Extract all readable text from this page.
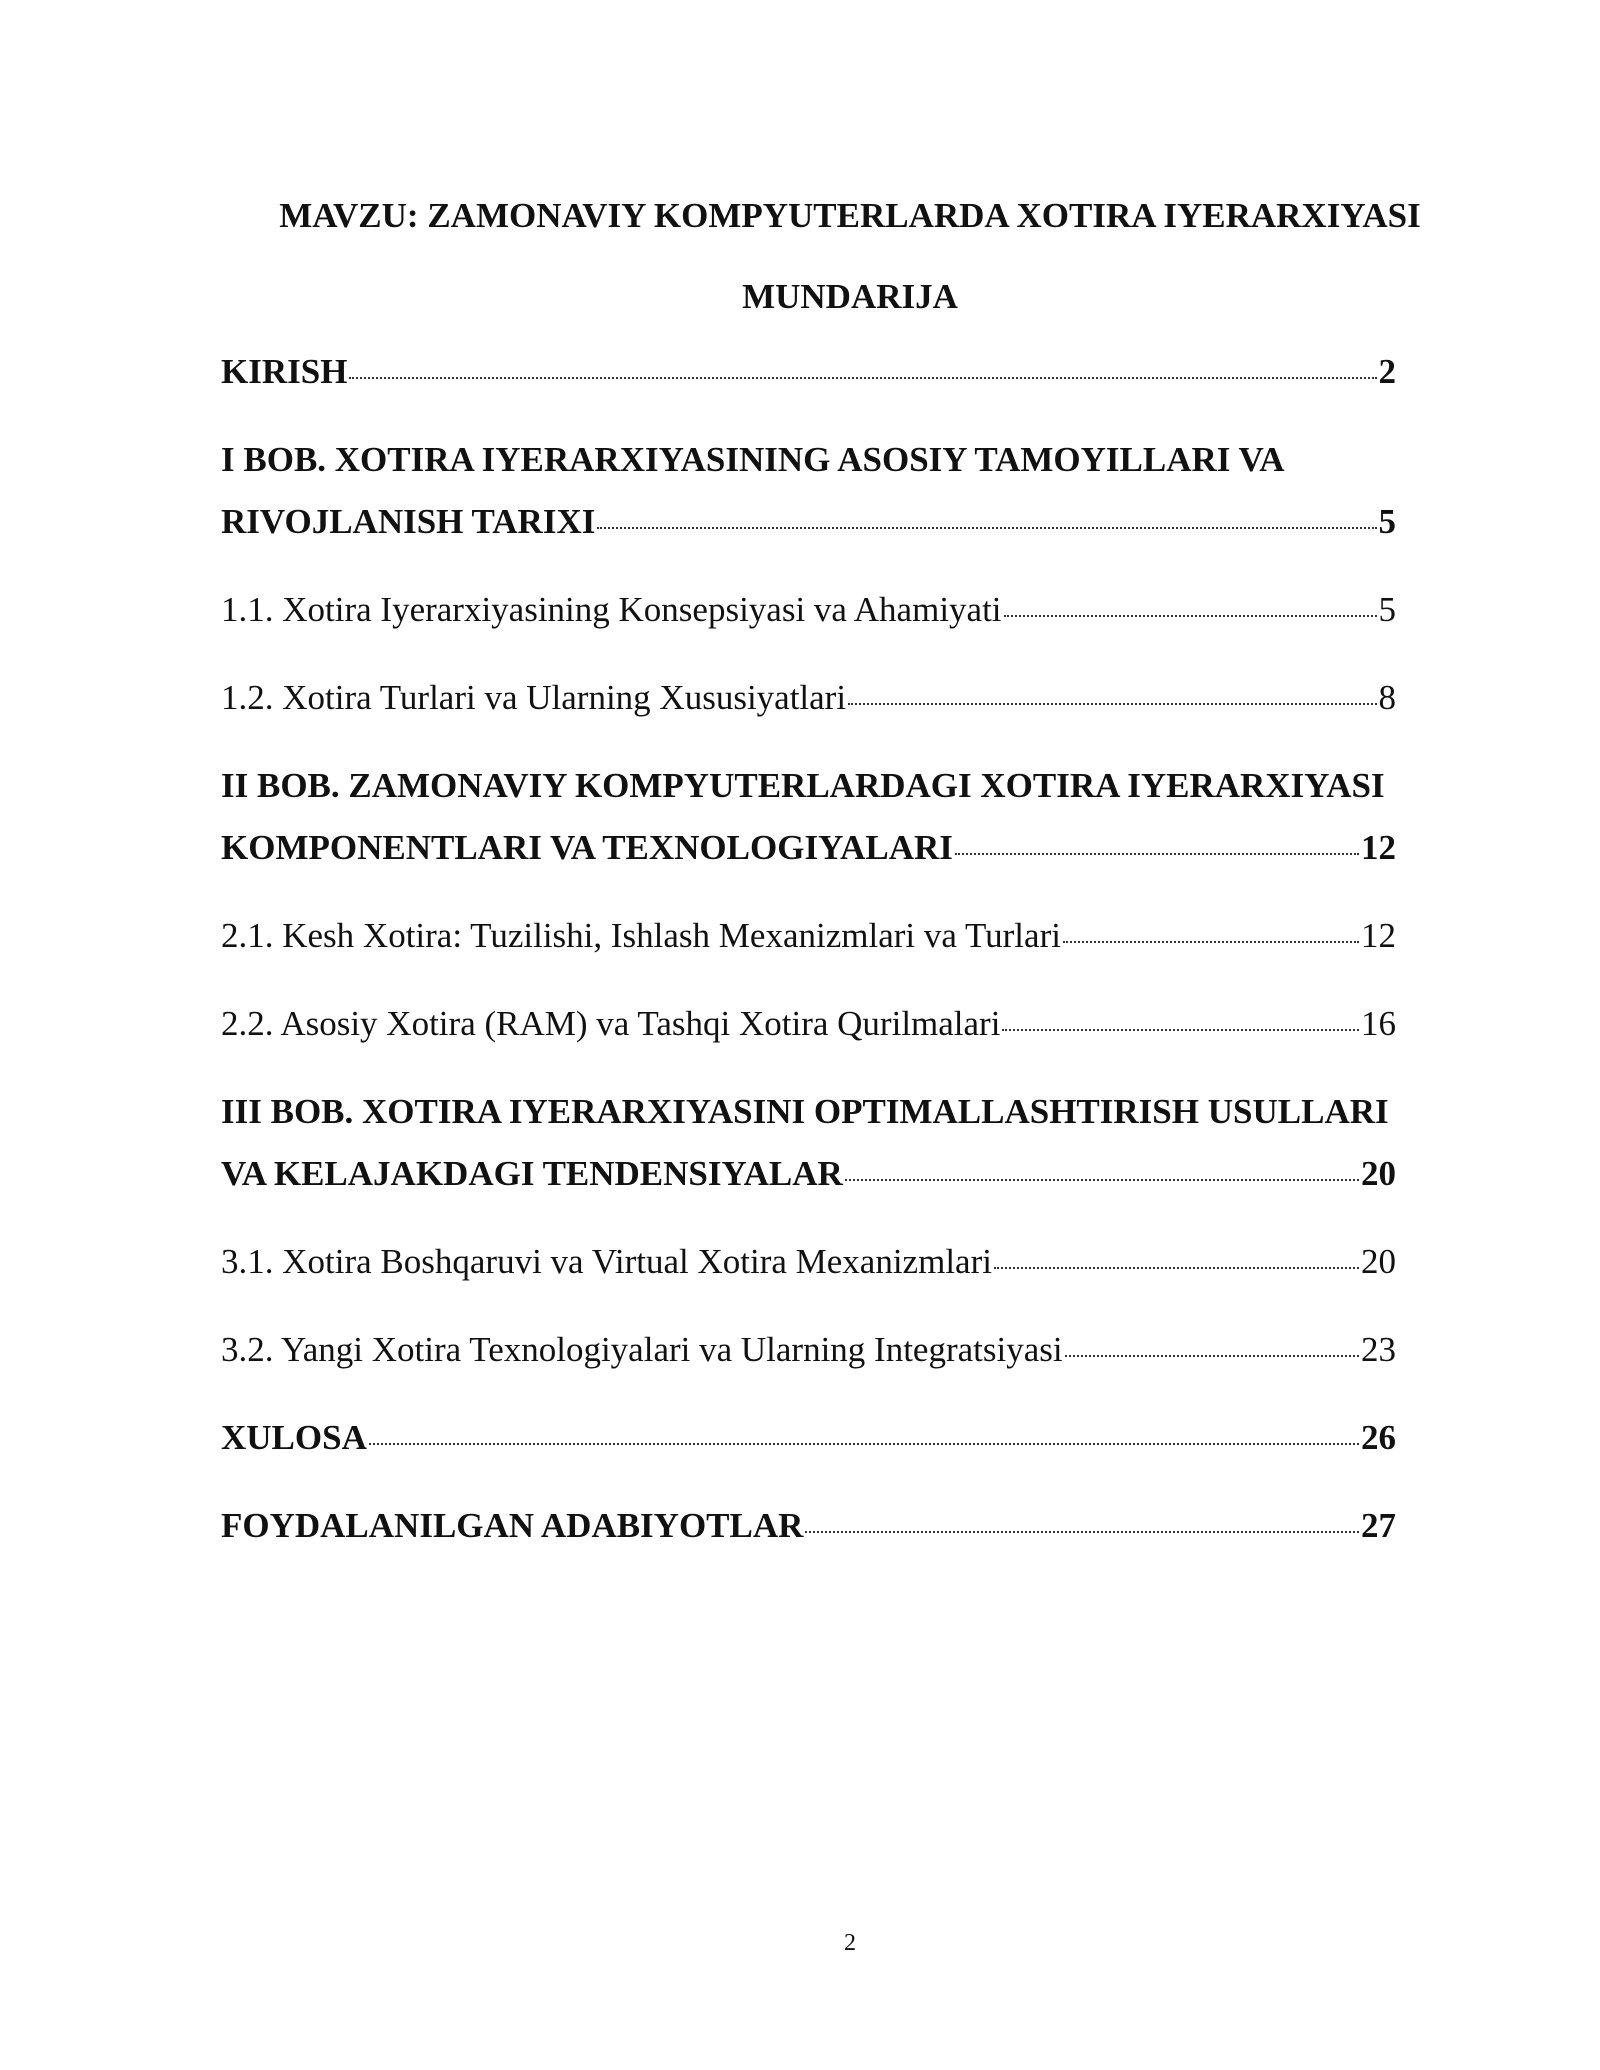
MAVZU: ZAMONAVIY KOMPYUTERLARDA XOTIRA IYERARXIYASI
MUNDARIJA
KIRISH	2
I BOB. XOTIRA IYERARXIYASINING ASOSIY TAMOYILLARI VA
RIVOJLANISH TARIXI	5
1.1. Xotira Iyerarxiyasining Konsepsiyasi va Ahamiyati	5
1.2. Xotira Turlari va Ularning Xususiyatlari	8
II BOB. ZAMONAVIY KOMPYUTERLARDAGI XOTIRA IYERARXIYASI
KOMPONENTLARI VA TEXNOLOGIYALARI	12
2.1. Kesh Xotira: Tuzilishi, Ishlash Mexanizmlari va Turlari	12
2.2. Asosiy Xotira (RAM) va Tashqi Xotira Qurilmalari	16
III BOB. XOTIRA IYERARXIYASINI OPTIMALLASHTIRISH USULLARI
VA KELAJAKDAGI TENDENSIYALAR	20
3.1. Xotira Boshqaruvi va Virtual Xotira Mexanizmlari	20
3.2. Yangi Xotira Texnologiyalari va Ularning Integratsiyasi	23
XULOSA	26
FOYDALANILGAN ADABIYOTLAR	27
2
